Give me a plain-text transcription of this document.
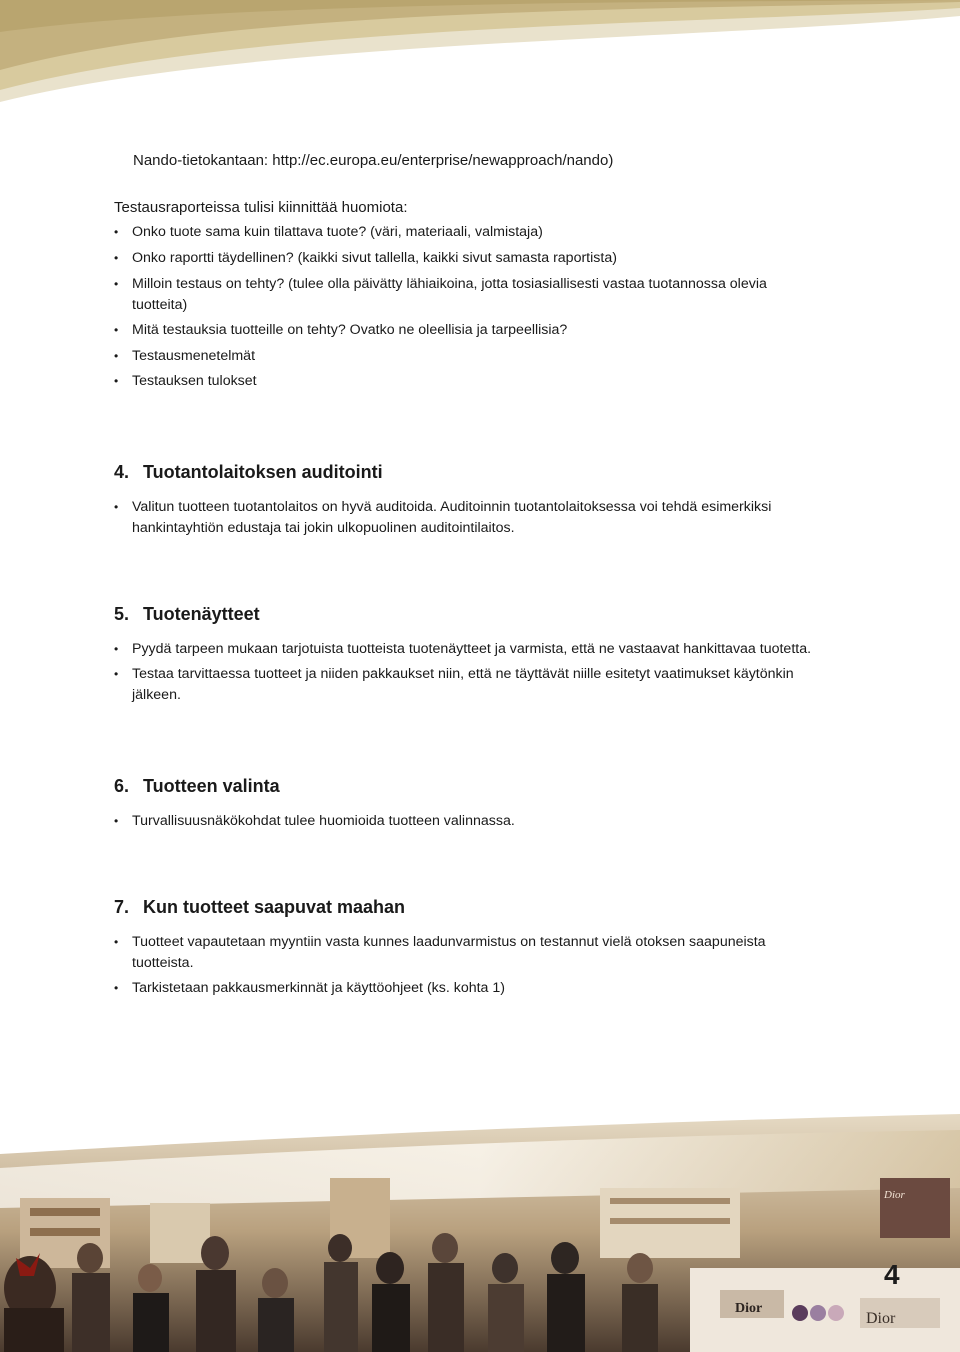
Nando-tietokantaan: http://ec.europa.eu/enterprise/newapproach/nando)

Testausraporteissa tulisi kiinnittää huomiota:

• Onko tuote sama kuin tilattava tuote? (väri, materiaali, valmistaja)
• Onko raportti täydellinen? (kaikki sivut tallella, kaikki sivut samasta raportista)
• Milloin testaus on tehty? (tulee olla päivätty lähiaikoina, jotta tosiasiallisesti vastaa tuotannossa olevia tuotteita)
• Mitä testauksia tuotteille on tehty? Ovatko ne oleellisia ja tarpeellisia?
• Testausmenetelmät
• Testauksen tulokset
4. Tuotantolaitoksen auditointi
• Valitun tuotteen tuotantolaitos on hyvä auditoida. Auditoinnin tuotantolaitoksessa voi tehdä esimerkiksi hankintayhtiön edustaja tai jokin ulkopuolinen auditointilaitos.
5. Tuotenäytteet
• Pyydä tarpeen mukaan tarjotuista tuotteista tuotenäytteet ja varmista, että ne vastaavat hankittavaa tuotetta.
• Testaa tarvittaessa tuotteet ja niiden pakkaukset niin, että ne täyttävät niille esitetyt vaatimukset käytönkin jälkeen.
6. Tuotteen valinta
• Turvallisuusnäkökohdat tulee huomioida tuotteen valinnassa.
7. Kun tuotteet saapuvat maahan
• Tuotteet vapautetaan myyntiin vasta kunnes laadunvarmistus on testannut vielä otoksen saapuneista tuotteista.
• Tarkistetaan pakkausmerkinnät ja käyttöohjeet (ks. kohta 1)
Dior
Dior
Dior
4
